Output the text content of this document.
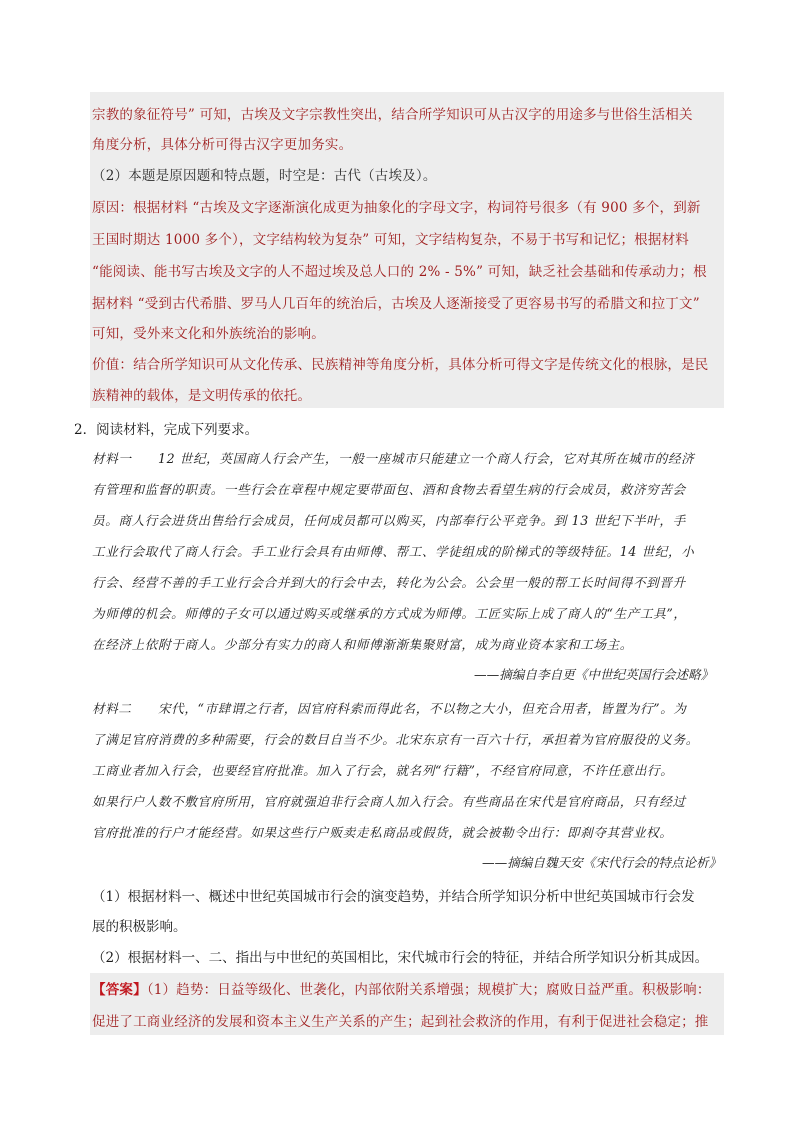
宗教的象征符号” 可知，古埃及文字宗教性突出，结合所学知识可从古汉字的用途多与世俗生活相关
角度分析，具体分析可得古汉字更加务实。
（2）本题是原因题和特点题，时空是：古代（古埃及）。
原因：根据材料 “古埃及文字逐渐演化成更为抽象化的字母文字，构词符号很多（有 900 多个，到新
王国时期达 1000 多个），文字结构较为复杂” 可知，文字结构复杂，不易于书写和记忆；根据材料
“能阅读、能书写古埃及文字的人不超过埃及总人口的 2% - 5%” 可知，缺乏社会基础和传承动力；根
据材料 “受到古代希腊、罗马人几百年的统治后，古埃及人逐渐接受了更容易书写的希腊文和拉丁文”
可知，受外来文化和外族统治的影响。
价值：结合所学知识可从文化传承、民族精神等角度分析，具体分析可得文字是传统文化的根脉，是民
族精神的载体，是文明传承的依托。
2．阅读材料，完成下列要求。
材料一　　12 世纪，英国商人行会产生，一般一座城市只能建立一个商人行会，它对其所在城市的经济
有管理和监督的职责。一些行会在章程中规定要带面包、酒和食物去看望生病的行会成员，救济穷苦会
员。商人行会进货出售给行会成员，任何成员都可以购买，内部奉行公平竞争。到 13 世纪下半叶，手
工业行会取代了商人行会。手工业行会具有由师傅、帮工、学徒组成的阶梯式的等级特征。14 世纪，小
行会、经营不善的手工业行会合并到大的行会中去，转化为公会。公会里一般的帮工长时间得不到晋升
为师傅的机会。师傅的子女可以通过购买或继承的方式成为师傅。工匠实际上成了商人的“生产工具”，
在经济上依附于商人。少部分有实力的商人和师傅渐渐集聚财富，成为商业资本家和工场主。
——摘编自李自更《中世纪英国行会述略》
材料二　　宋代，“市肆谓之行者，因官府科索而得此名，不以物之大小，但充合用者，皆置为行”。为
了满足官府消费的多种需要，行会的数目自当不少。北宋东京有一百六十行，承担着为官府服役的义务。
工商业者加入行会，也要经官府批准。加入了行会，就名列“行籍”，不经官府同意，不许任意出行。
如果行户人数不敷官府所用，官府就强迫非行会商人加入行会。有些商品在宋代是官府商品，只有经过
官府批准的行户才能经营。如果这些行户贩卖走私商品或假货，就会被勒令出行：即刹夺其营业权。
——摘编自魏天安《宋代行会的特点论析》
（1）根据材料一、概述中世纪英国城市行会的演变趋势，并结合所学知识分析中世纪英国城市行会发
展的积极影响。
（2）根据材料一、二、指出与中世纪的英国相比，宋代城市行会的特征，并结合所学知识分析其成因。
【答案】（1）趋势：日益等级化、世袭化，内部依附关系增强；规模扩大；腐败日益严重。积极影响：
促进了工商业经济的发展和资本主义生产关系的产生；起到社会救济的作用，有利于促进社会稳定；推
